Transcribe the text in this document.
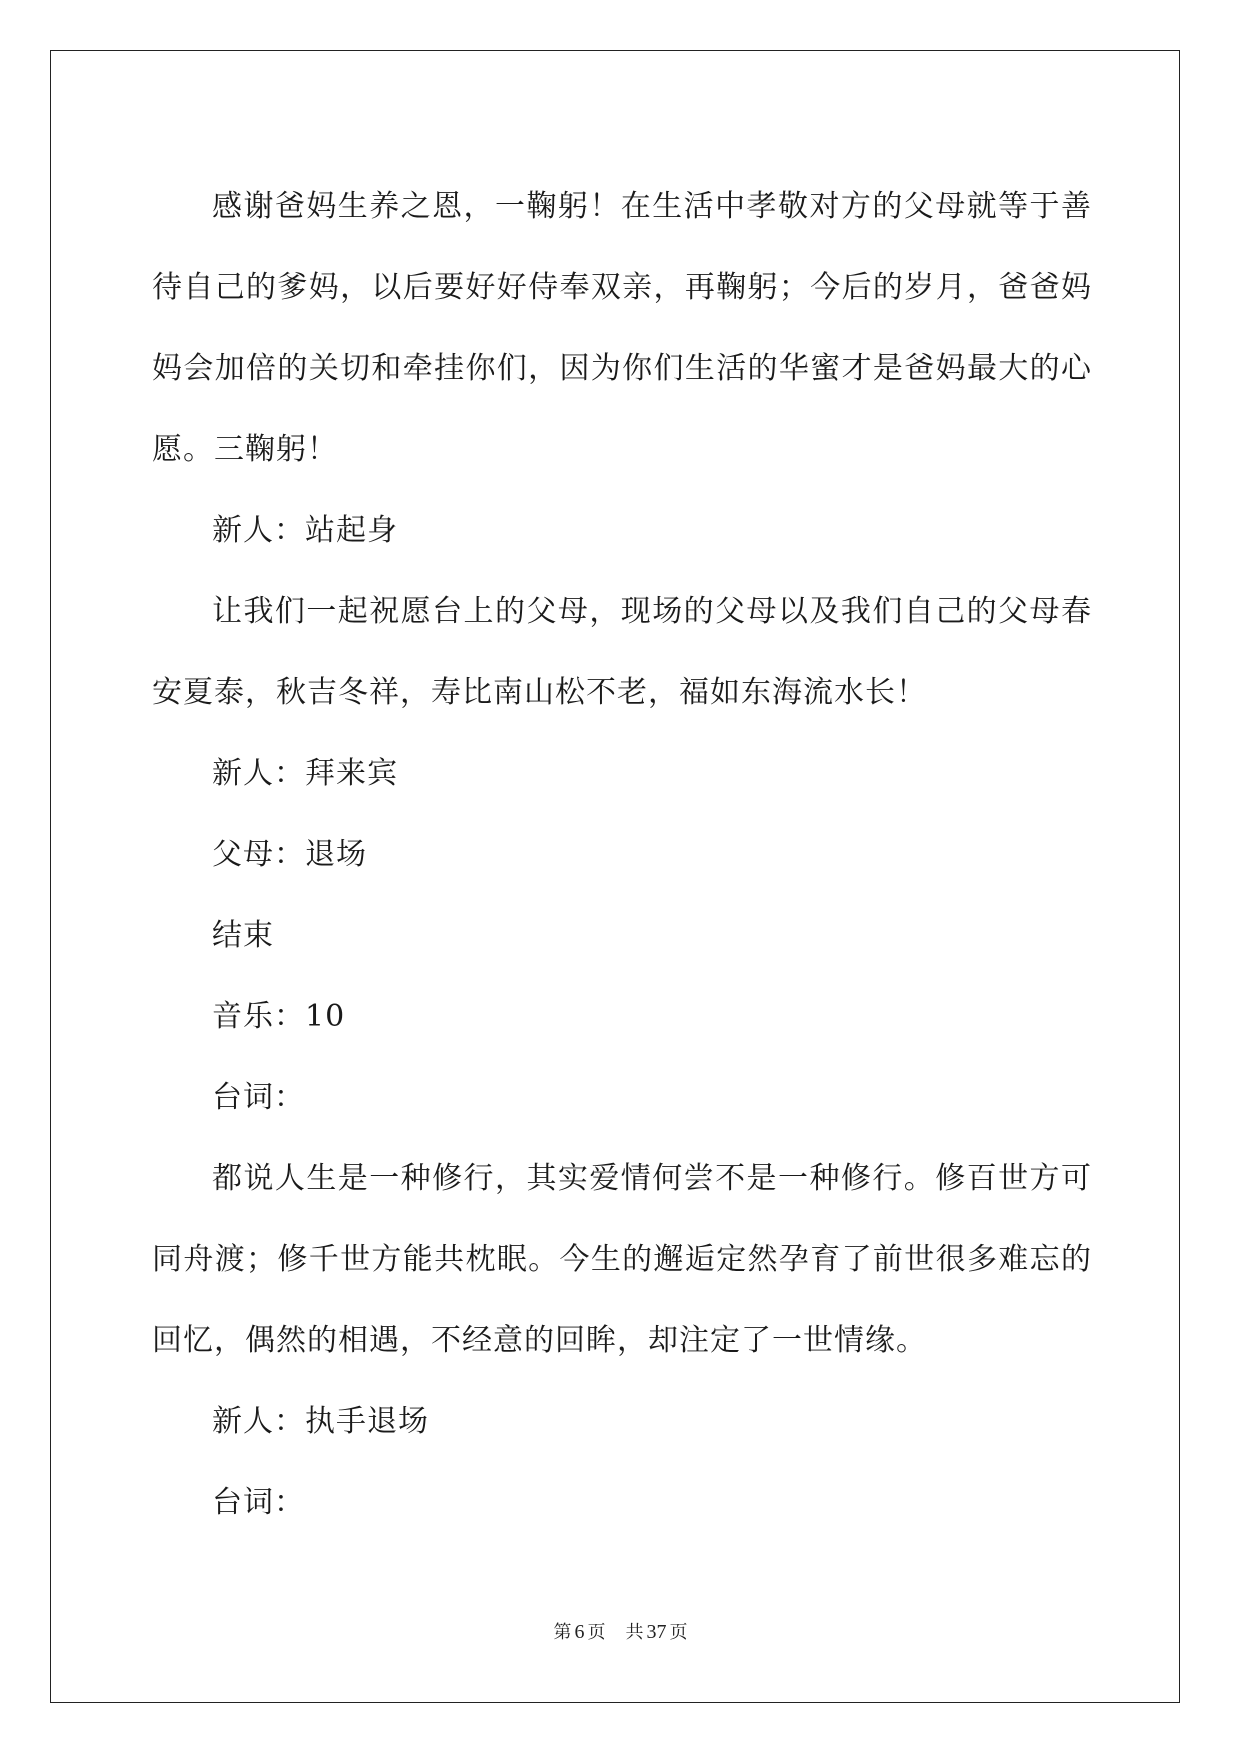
感谢爸妈生养之恩，一鞠躬！在生活中孝敬对方的父母就等于善待自己的爹妈，以后要好好侍奉双亲，再鞠躬；今后的岁月，爸爸妈妈会加倍的关切和牵挂你们，因为你们生活的华蜜才是爸妈最大的心愿。三鞠躬！

新人：站起身

让我们一起祝愿台上的父母，现场的父母以及我们自己的父母春安夏泰，秋吉冬祥，寿比南山松不老，福如东海流水长！

新人：拜来宾

父母：退场

结束

音乐：10

台词：

都说人生是一种修行，其实爱情何尝不是一种修行。修百世方可同舟渡；修千世方能共枕眠。今生的邂逅定然孕育了前世很多难忘的回忆，偶然的相遇，不经意的回眸，却注定了一世情缘。

新人：执手退场

台词：

第 6 页 共 37 页
